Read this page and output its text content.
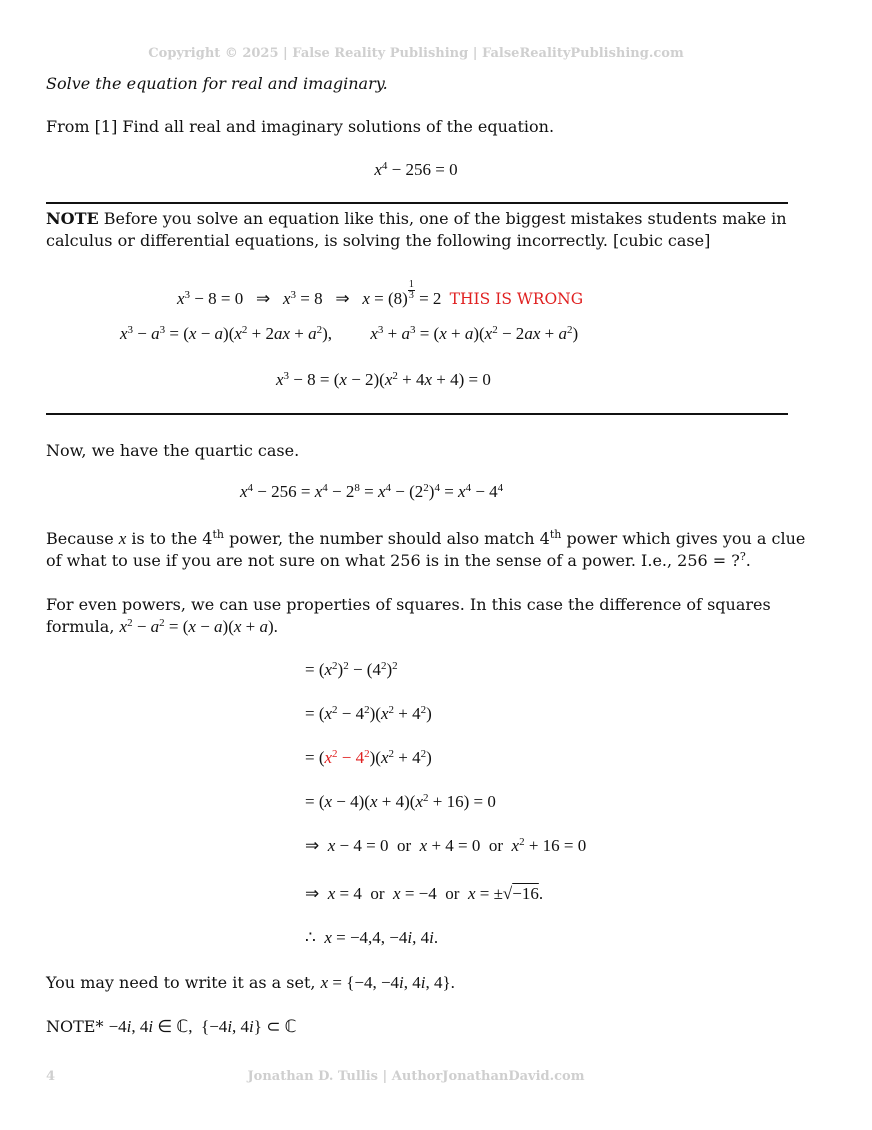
Copyright © 2025 | False Reality Publishing | FalseRealityPublishing.com
Solve the equation for real and imaginary.
From [1] Find all real and imaginary solutions of the equation.
$x^4 - 256 = 0$
NOTE Before you solve an equation like this, one of the biggest mistakes students make in
calculus or differential equations, is solving the following incorrectly. [cubic case]
$x^3 - 8 = 0$   ⇒   $x^3 = 8$   ⇒   $x = (8) \frac{1}{3} = 2$ THIS IS WRONG
$x^3 - a^3 = (x - a)(x^2 + 2ax + a^2)$,         $x^3 + a^3 = (x + a)(x^2 - 2ax + a^2)$
$x^3 - 8 = (x - 2)(x^2 + 4x + 4) = 0$
Now, we have the quartic case.
$x^4 - 256 = x^4 - 2^8 = x^4 - (2^2)^4 = x^4 - 4^4$
Because x is to the 4th power, the number should also match 4th power which gives you a clue
of what to use if you are not sure on what 256 is in the sense of a power. I.e., 256 = ??.
For even powers, we can use properties of squares. In this case the difference of squares
formula, $x^2 - a^2 = (x - a)(x + a)$.
= $(x^2)^2 - (4^2)^2$
= $(x^2 - 4^2)(x^2 + 4^2)$
= $(x^2 - 4^2)(x^2 + 4^2)$
= $(x - 4)(x + 4)(x^2 + 16) = 0$
⇒  x − 4 = 0  or  x + 4 = 0  or  $x^2 + 16 = 0$
⇒  x = 4  or  x = −4  or  x = ±√−16.
∴  x = −4,4, −4i, 4i.
You may need to write it as a set, x = {−4, −4i, 4i, 4}.
NOTE* −4i, 4i ∈ ℂ,  {−4i, 4i} ⊂ ℂ
4	Jonathan D. Tullis | AuthorJonathanDavid.com
